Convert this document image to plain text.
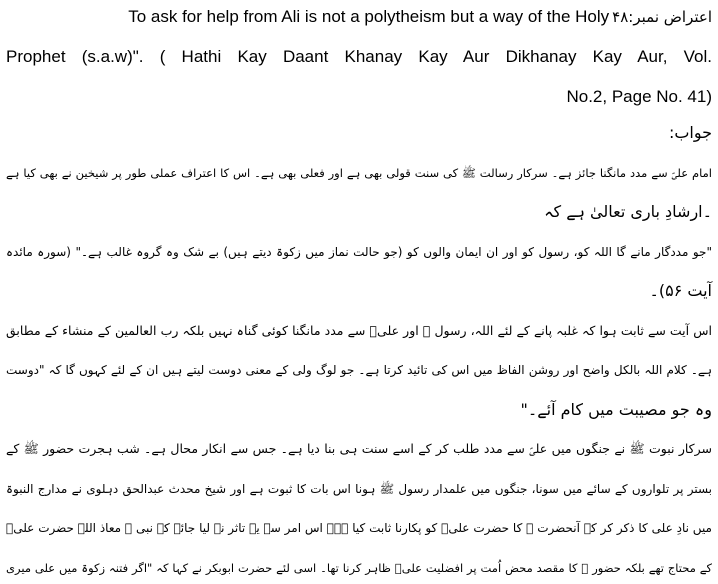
اعتراض نمبر:۴۸To ask for help from Ali is not a polytheism but a way of the Holy
Prophet (s.a.w)". ( Hathi Kay Daant Khanay Kay Aur Dikhanay Kay Aur, Vol.
No.2, Page No. 41)
جواب:
امام علیؑ سے مدد مانگنا جائز ہے۔ سرکار رسالت ﷺ کی سنت قولی بھی ہے اور فعلی بھی ہے۔ اس کا اعتراف عملی طور پر شیخین نے بھی کیا ہے
۔ارشادِ باری تعالیٰ ہے کہ
"جو مددگار مانے گا اللہ کو، رسول کو اور ان ایمان والوں کو (جو حالت نماز میں زکوۃ دیتے ہیں) بے شک وہ گروہ غالب ہے۔" (سورہ مائدہ
آیت ۵۶)۔
اس آیت سے ثابت ہوا کہ غلبہ پانے کے لئے اللہ، رسول ﷺ اور علیؑ سے مدد مانگنا کوئی گناہ نہیں بلکہ رب العالمین کے منشاء کے مطابق
ہے۔ کلام اللہ بالکل واضح اور روشن الفاظ میں اس کی تائید کرتا ہے۔ جو لوگ ولی کے معنی دوست لیتے ہیں ان کے لئے کہوں گا کہ "دوست
وہ جو مصیبت میں کام آئے۔"
سرکار نبوت ﷺ نے جنگوں میں علیؑ سے مدد طلب کر کے اسے سنت ہی بنا دیا ہے۔ جس سے انکار محال ہے۔ شب ہجرت حضور ﷺ کے
بستر پر تلواروں کے سائے میں سونا، جنگوں میں علمدار رسول ﷺ ہونا اس بات کا ثبوت ہے اور شیخ محدث عبدالحق دہلوی نے مدارج النبوۃ
میں نادِ علی کا ذکر کر کے آنحضرت ﷺ کا حضرت علیؑ کو پکارنا ثابت کیا ہے۔ اس امر سے یہ تاثر نہ لیا جائے کہ نبی ﷺ معاذ اللہ حضرت علیؑ
کے محتاج تھے بلکہ حضور ﷺ کا مقصد محض اُمت پر افضلیت علیؑ ظاہر کرنا تھا۔ اسی لئے حضرت ابوبکر نے کہا کہ "اگر فتنہ زکوۃ میں علی میری
